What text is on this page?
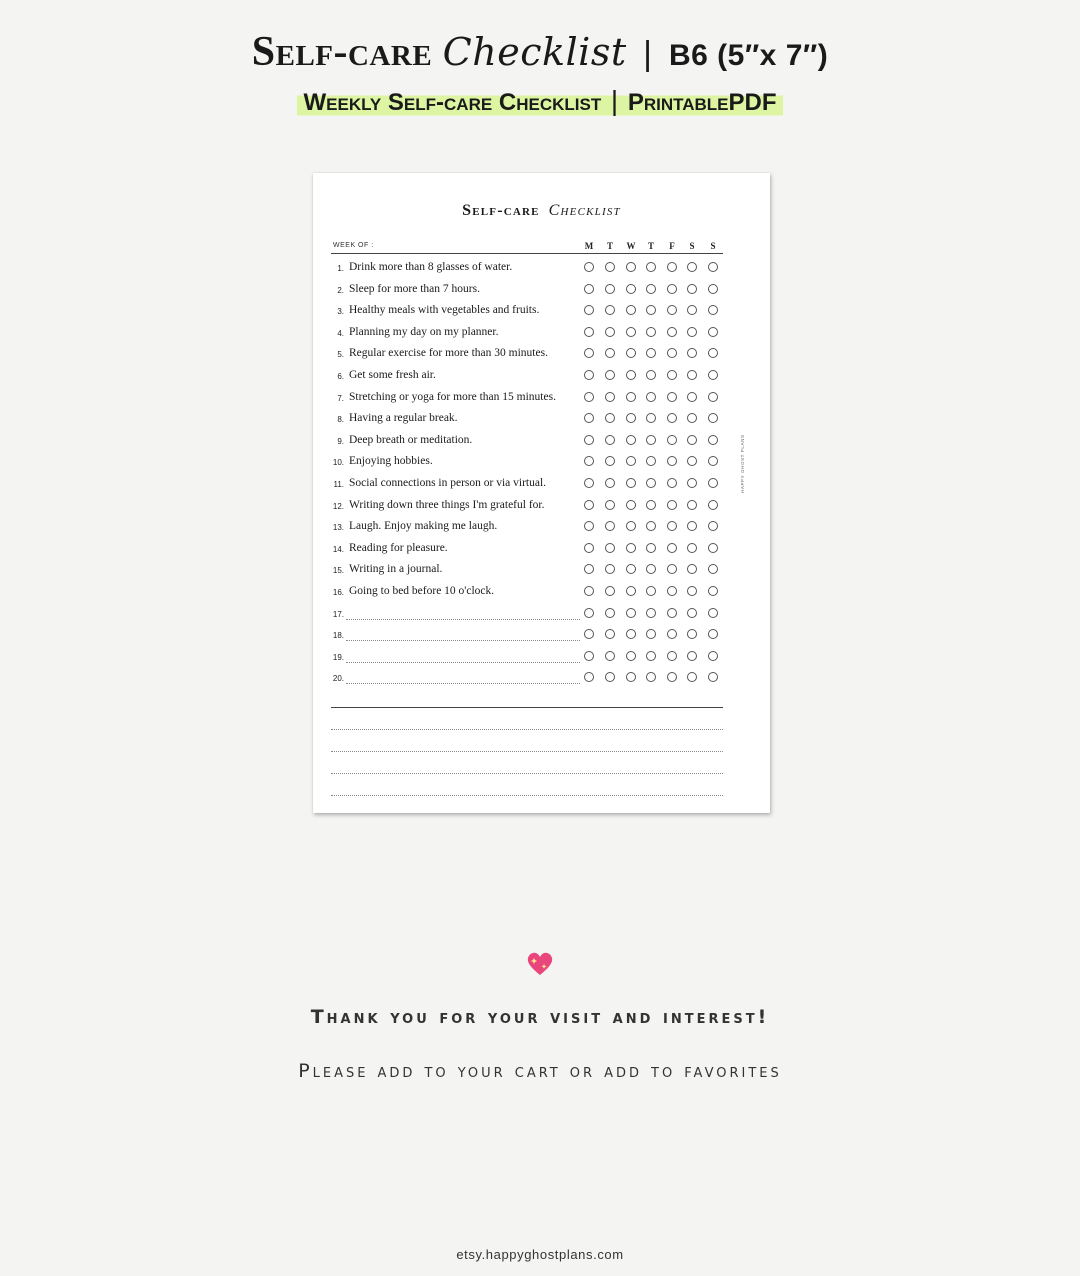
Self-care Checklist | B6 (5″x 7″)
Weekly Self-care Checklist | PrintablePDF
Self-care Checklist
WEEK OF :
HAPPY GHOST PLANS
M	T	W	T	F	S	S
1. Drink more than 8 glasses of water.
2. Sleep for more than 7 hours.
3. Healthy meals with vegetables and fruits.
4. Planning my day on my planner.
5. Regular exercise for more than 30 minutes.
6. Get some fresh air.
7. Stretching or yoga for more than 15 minutes.
8. Having a regular break.
9. Deep breath or meditation.
10. Enjoying hobbies.
11. Social connections in person or via virtual.
12. Writing down three things I'm grateful for.
13. Laugh. Enjoy making me laugh.
14. Reading for pleasure.
15. Writing in a journal.
16. Going to bed before 10 o'clock.
17.
18.
19.
20.
Thank you for your visit and interest!
Please add to your cart or add to favorites
etsy.happyghostplans.com
